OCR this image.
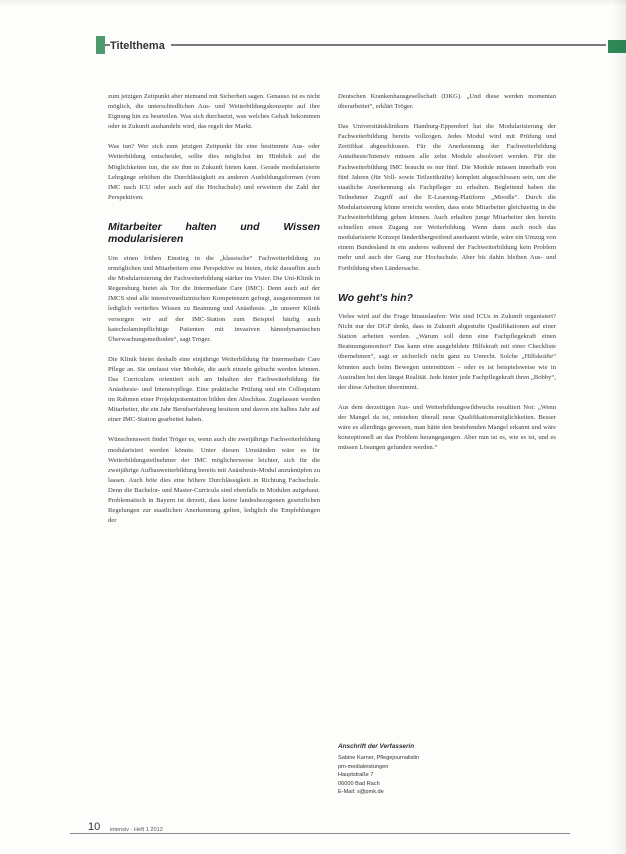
Titelthema

zum jetzigen Zeitpunkt aber niemand mit Sicherheit sagen. Genauso ist es nicht möglich, die unterschiedlichen Aus- und Weiterbildungskonzepte auf ihre Eignung hin zu beurteilen. Was sich durchsetzt, was welches Gehalt bekommen oder in Zukunft aushandeln wird, das regelt der Markt.

Was tun? Wer sich zum jetzigen Zeitpunkt für eine bestimmte Aus- oder Weiterbildung entscheidet, sollte dies möglichst im Hinblick auf die Möglichkeiten tun, die sie ihm in Zukunft bieten kann. Gerade modularisierte Lehrgänge erhöhen die Durchlässigkeit zu anderen Ausbildungsformen (vom IMC nach ICU oder auch auf die Hochschule) und erweitern die Zahl der Perspektiven.

Mitarbeiter halten und Wissen modularisieren

Um einen frühen Einstieg in die „klassische“ Fachweiterbildung zu ermöglichen und Mitarbeitern eine Perspektive zu bieten, rückt daraufhin auch die Modularisierung der Fachweiterbildung stärker ins Visier. Die Uni-Klinik in Regensburg bietet als Tor die Intermediate Care (IMC). Denn auch auf der IMCS sind alle intensivmedizinischen Kompetenzen gefragt, ausgenommen ist lediglich vertieftes Wissen zu Beatmung und Anästhesie. „In unserer Klinik versorgen wir auf der IMC-Station zum Beispiel häufig auch katecholaminpflichtige Patienten mit invasiven hämodynamischen Überwachungsmethoden“, sagt Tröger.

Die Klinik bietet deshalb eine einjährige Weiterbildung für Intermediate Care Pflege an. Sie umfasst vier Module, die auch einzeln gebucht werden können. Das Curriculum orientiert sich am Inhalten der Fachweiterbildung für Anästhesie- und Intensivpflege. Eine praktische Prüfung und ein Colloquium im Rahmen einer Projektpräsentation bilden den Abschluss. Zugelassen werden Mitarbeiter, die ein Jahr Berufserfahrung besitzen und davon ein halbes Jahr auf einer IMC-Station gearbeitet haben.

Wünschenswert findet Tröger es, wenn auch die zweijährige Fachweiterbildung modularisiert werden könnte. Unter diesen Umständen wäre es für Weiterbildungsteilnehmer der IMC möglicherweise leichter, sich für die zweijährige Aufbauweiterbildung bereits mit Anästhesie-Modul anzuknüpfen zu lassen. Auch böte dies eine höhere Durchlässigkeit in Richtung Fachschule. Denn die Bachelor- und Master-Curricula sind ebenfalls in Modulen aufgebaut. Problematisch in Bayern ist derzeit, dass keine landesbezogenen gesetzlichen Regelungen zur staatlichen Anerkennung gelten, lediglich die Empfehlungen der

Deutschen Krankenhausgesellschaft (DKG). „Und diese werden momentan überarbeitet“, erklärt Tröger.

Das Universitätsklinikum Hamburg-Eppendorf hat die Modularisierung der Fachweiterbildung bereits vollzogen. Jedes Modul wird mit Prüfung und Zertifikat abgeschlossen. Für die Anerkennung der Fachweiterbildung Anästhesie/Intensiv müssen alle zehn Module absolviert werden. Für die Fachweiterbildung IMC braucht es nur fünf. Die Module müssen innerhalb von fünf Jahren (für Voll- sowie Teilzeitkräfte) komplett abgeschlossen sein, um die staatliche Anerkennung als Fachpfleger zu erhalten. Begleitend haben die Teilnehmer Zugriff auf die E-Learning-Plattform „Moodle“. Durch die Modularisierung könne erreicht werden, dass erste Mitarbeiter gleichzeitig in die Fachweiterbildung gehen können. Auch erhalten junge Mitarbeiter den bereits schnellen einen Zugang zur Weiterbildung. Wenn dann auch noch das modularisierte Konzept länderübergreifend anerkannt würde, wäre ein Umzug von einem Bundesland in ein anderes während der Fachweiterbildung kein Problem mehr und auch der Gang zur Hochschule. Aber bis dahin bleiben Aus- und Fortbildung eben Ländersache.

Wo geht’s hin?

Vieles wird auf die Frage hinauslaufen: Wie sind ICUs in Zukunft organisiert? Nicht nur der DGF denkt, dass in Zukunft abgestufte Qualifikationen auf einer Station arbeiten werden. „Warum soll denn eine Fachpflegekraft einen Beatmungsmonitor? Das kann eine ausgebildete Hilfskraft mit einer Checkliste übernehmen“, sagt er sicherlich nicht ganz zu Unrecht. Solche „Hilfskräfte“ könnten auch beim Bewegen unterstützen – oder es ist beispielsweise wie in Australien bei den längst Realität. Jede hinter jede Fachpflegekraft ihren „Bobby“, der diese Arbeiten übernimmt.

Aus dem derzeitigen Aus- und Weiterbildungswildwuchs resultiert Not: „Wenn der Mangel da ist, entstehen überall neue Qualifikationsmöglichkeiten. Besser wäre es allerdings gewesen, man hätte den bestehenden Mangel erkannt und wäre konzeptionell an das Problem herangegangen. Aber nun ist es, wie es ist, und es müssen Lösungen gefunden werden.“

Anschrift der Verfasserin
Sabine Karner, Pflegejournalistin
pm-medialeistungen
Hauptstraße 7
06000 Bad Rach
E-Mail: s@pmk.de
10 intensiv · Heft 1 2012
